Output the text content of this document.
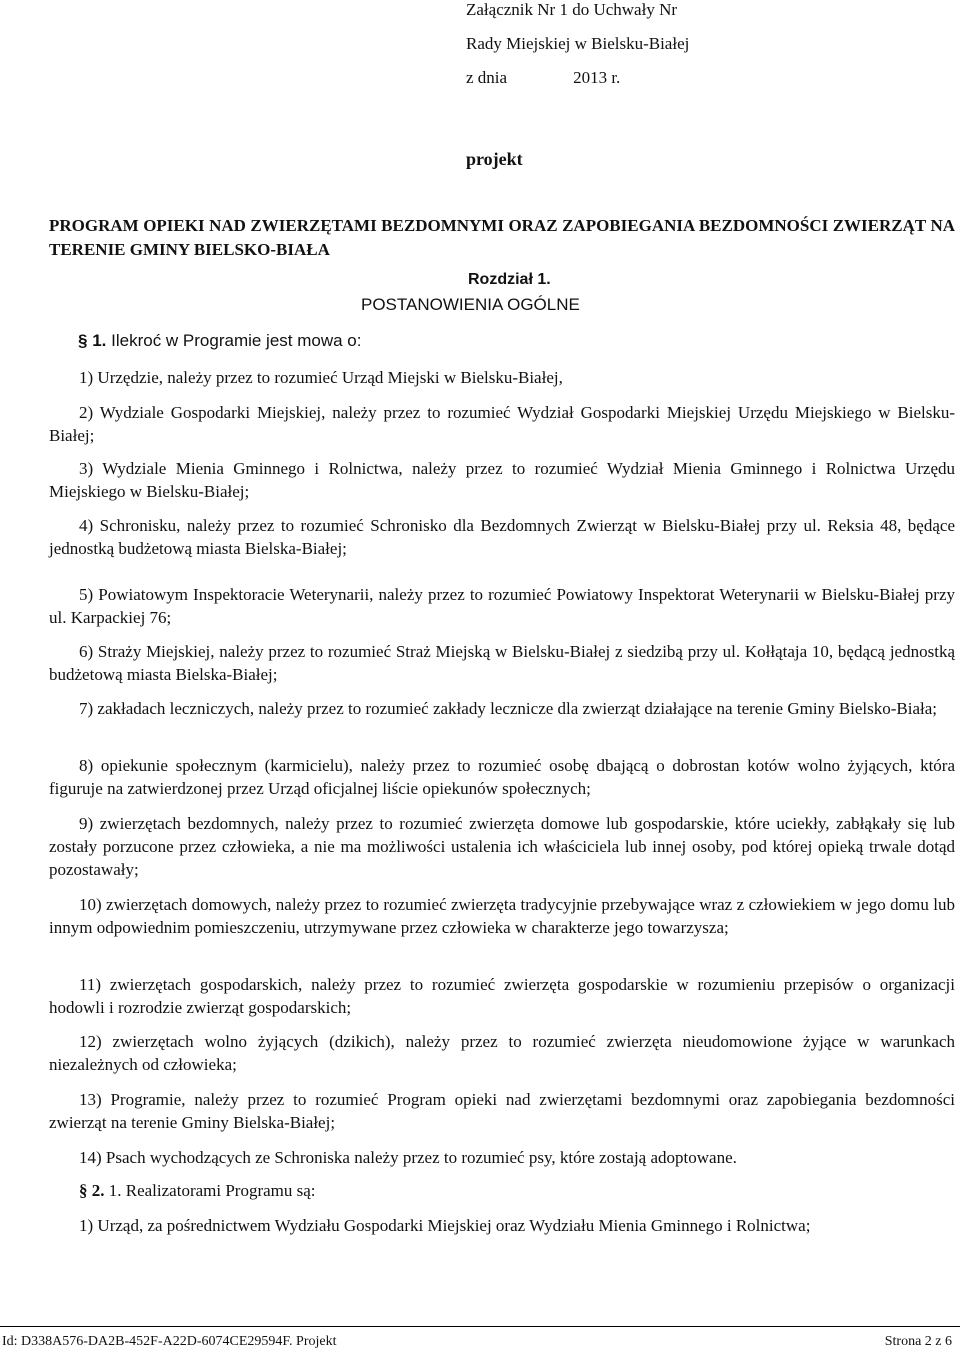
Załącznik Nr 1 do Uchwały Nr
Rady Miejskiej w Bielsku-Białej
z dnia	2013 r.
projekt
PROGRAM OPIEKI NAD ZWIERZĘTAMI BEZDOMNYMI ORAZ ZAPOBIEGANIA BEZDOMNOŚCI ZWIERZĄT NA TERENIE GMINY BIELSKO-BIAŁA
Rozdział 1.
POSTANOWIENIA OGÓLNE
§ 1. Ilekroć w Programie jest mowa o:
1) Urzędzie, należy przez to rozumieć Urząd Miejski w Bielsku-Białej,
2) Wydziale Gospodarki Miejskiej, należy przez to rozumieć Wydział Gospodarki Miejskiej Urzędu Miejskiego w Bielsku-Białej;
3) Wydziale Mienia Gminnego i Rolnictwa, należy przez to rozumieć Wydział Mienia Gminnego i Rolnictwa Urzędu Miejskiego w Bielsku-Białej;
4) Schronisku, należy przez to rozumieć Schronisko dla Bezdomnych Zwierząt w Bielsku-Białej przy ul. Reksia 48, będące jednostką budżetową miasta Bielska-Białej;
5) Powiatowym Inspektoracie Weterynarii, należy przez to rozumieć Powiatowy Inspektorat Weterynarii w Bielsku-Białej przy ul. Karpackiej 76;
6) Straży Miejskiej, należy przez to rozumieć Straż Miejską w Bielsku-Białej z siedzibą przy ul. Kołłątaja 10, będącą jednostką budżetową miasta Bielska-Białej;
7) zakładach leczniczych, należy przez to rozumieć zakłady lecznicze dla zwierząt działające na terenie Gminy Bielsko-Biała;
8) opiekunie społecznym (karmicielu), należy przez to rozumieć osobę dbającą o dobrostan kotów wolno żyjących, która figuruje na zatwierdzonej przez Urząd oficjalnej liście opiekunów społecznych;
9) zwierzętach bezdomnych, należy przez to rozumieć zwierzęta domowe lub gospodarskie, które uciekły, zabłąkały się lub zostały porzucone przez człowieka, a nie ma możliwości ustalenia ich właściciela lub innej osoby, pod której opieką trwale dotąd pozostawały;
10) zwierzętach domowych, należy przez to rozumieć zwierzęta tradycyjnie przebywające wraz z człowiekiem w jego domu lub innym odpowiednim pomieszczeniu, utrzymywane przez człowieka w charakterze jego towarzysza;
11) zwierzętach gospodarskich, należy przez to rozumieć zwierzęta gospodarskie w rozumieniu przepisów o organizacji hodowli i rozrodzie zwierząt gospodarskich;
12) zwierzętach wolno żyjących (dzikich), należy przez to rozumieć zwierzęta nieudomowione żyjące w warunkach niezależnych od człowieka;
13) Programie, należy przez to rozumieć Program opieki nad zwierzętami bezdomnymi oraz zapobiegania bezdomności zwierząt na terenie Gminy Bielska-Białej;
14) Psach wychodzących ze Schroniska należy przez to rozumieć psy, które zostają adoptowane.
§ 2. 1. Realizatorami Programu są:
1) Urząd, za pośrednictwem Wydziału Gospodarki Miejskiej oraz Wydziału Mienia Gminnego i Rolnictwa;
Id: D338A576-DA2B-452F-A22D-6074CE29594F. Projekt	Strona 2 z 6
